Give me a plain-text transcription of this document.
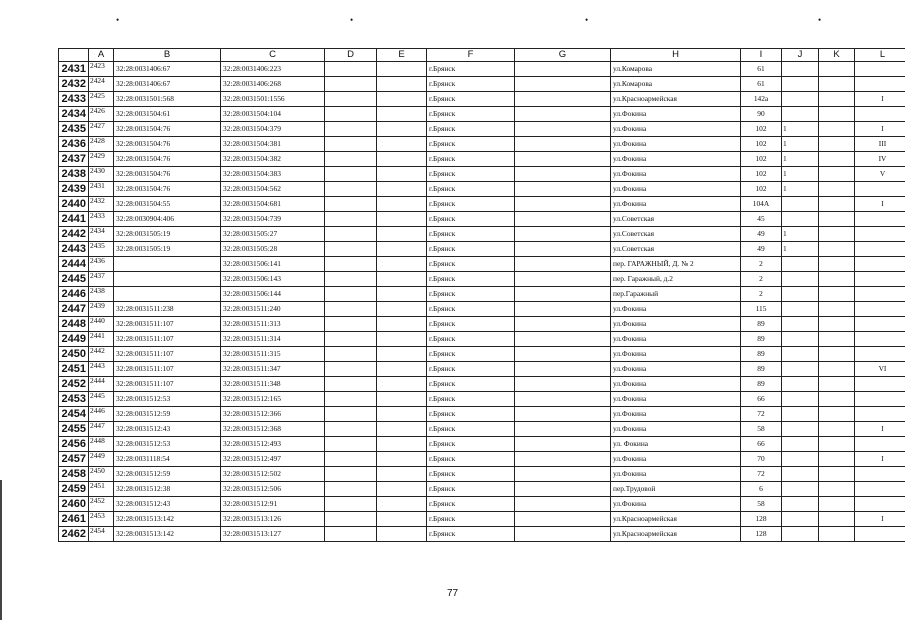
•	•	•	•
	A	B	C	D	E	F	G	H	I	J	K	L
2431	2423	32:28:0031406:67	32:28:0031406:223			г.Брянск		ул.Комарова	61			
2432	2424	32:28:0031406:67	32:28:0031406:268			г.Брянск		ул.Комарова	61			
2433	2425	32:28:0031501:568	32:28:0031501:1556			г.Брянск		ул.Красноармейская	142а			I
2434	2426	32:28:0031504:61	32:28:0031504:104			г.Брянск		ул.Фокина	90			
2435	2427	32:28:0031504:76	32:28:0031504:379			г.Брянск		ул.Фокина	102	1		I
2436	2428	32:28:0031504:76	32:28:0031504:381			г.Брянск		ул.Фокина	102	1		III
2437	2429	32:28:0031504:76	32:28:0031504:382			г.Брянск		ул.Фокина	102	1		IV
2438	2430	32:28:0031504:76	32:28:0031504:383			г.Брянск		ул.Фокина	102	1		V
2439	2431	32:28:0031504:76	32:28:0031504:562			г.Брянск		ул.Фокина	102	1		
2440	2432	32:28:0031504:55	32:28:0031504:681			г.Брянск		ул.Фокина	104А			I
2441	2433	32:28:0030904:406	32:28:0031504:739			г.Брянск		ул.Советская	45			
2442	2434	32:28:0031505:19	32:28:0031505:27			г.Брянск		ул.Советская	49	1		
2443	2435	32:28:0031505:19	32:28:0031505:28			г.Брянск		ул.Советская	49	1		
2444	2436		32:28:0031506:141			г.Брянск		пер. ГАРАЖНЫЙ, Д. № 2	2			
2445	2437		32:28:0031506:143			г.Брянск		пер. Гаражный, д.2	2			
2446	2438		32:28:0031506:144			г.Брянск		пер.Гаражный	2			
2447	2439	32:28:0031511:238	32:28:0031511:240			г.Брянск		ул.Фокина	115			
2448	2440	32:28:0031511:107	32:28:0031511:313			г.Брянск		ул.Фокина	89			
2449	2441	32:28:0031511:107	32:28:0031511:314			г.Брянск		ул.Фокина	89			
2450	2442	32:28:0031511:107	32:28:0031511:315			г.Брянск		ул.Фокина	89			
2451	2443	32:28:0031511:107	32:28:0031511:347			г.Брянск		ул.Фокина	89			VI
2452	2444	32:28:0031511:107	32:28:0031511:348			г.Брянск		ул.Фокина	89			
2453	2445	32:28:0031512:53	32:28:0031512:165			г.Брянск		ул.Фокина	66			
2454	2446	32:28:0031512:59	32:28:0031512:366			г.Брянск		ул.Фокина	72			
2455	2447	32:28:0031512:43	32:28:0031512:368			г.Брянск		ул.Фокина	58			I
2456	2448	32:28:0031512:53	32:28:0031512:493			г.Брянск		ул. Фокина	66			
2457	2449	32:28:0031118:54	32:28:0031512:497			г.Брянск		ул.Фокина	70			I
2458	2450	32:28:0031512:59	32:28:0031512:502			г.Брянск		ул.Фокина	72			
2459	2451	32:28:0031512:38	32:28:0031512:506			г.Брянск		пер.Трудовой	6			
2460	2452	32:28:0031512:43	32:28:0031512:91			г.Брянск		ул.Фокина	58			
2461	2453	32:28:0031513:142	32:28:0031513:126			г.Брянск		ул.Красноармейская	128			I
2462	2454	32:28:0031513:142	32:28:0031513:127			г.Брянск		ул.Красноармейская	128			
77
